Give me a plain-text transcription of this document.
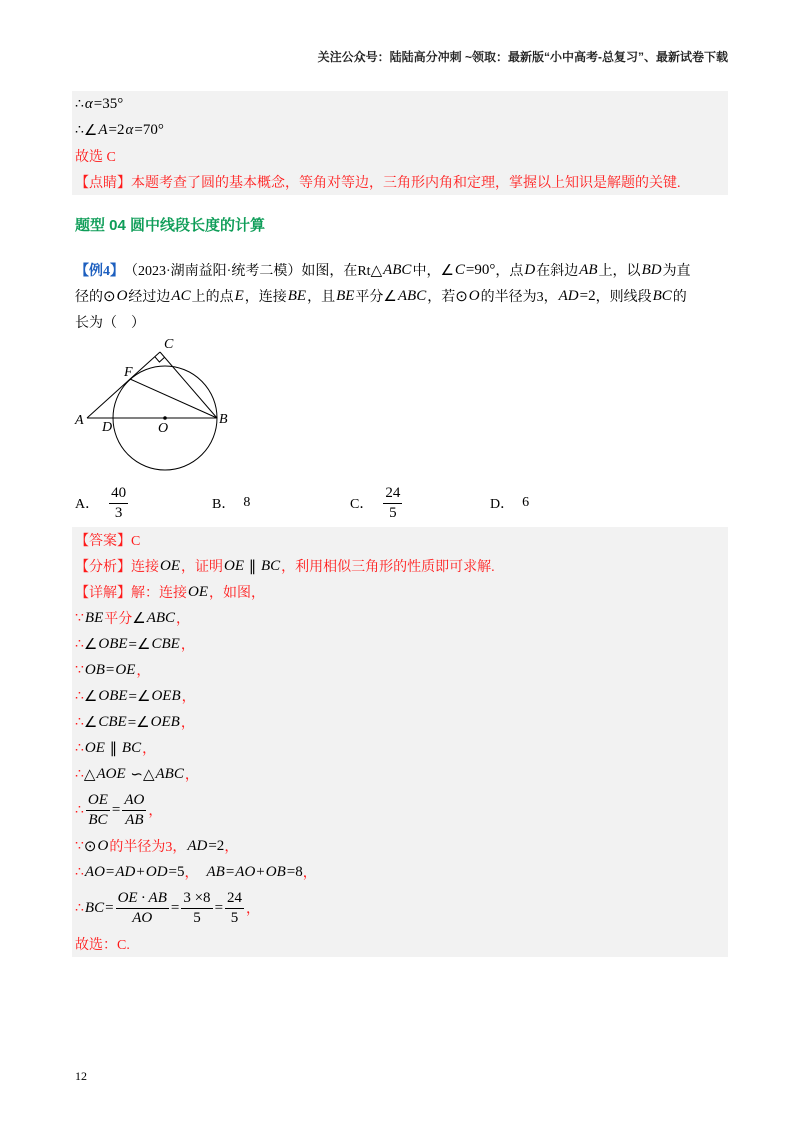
关注公众号：陆陆高分冲刺 ~领取：最新版“小中高考-总复习”、最新试卷下载
∴ α =35°
∴ ∠ A =2 α =70°
故选 C
【点睛】本题考查了圆的基本概念，等角对等边，三角形内角和定理，掌握以上知识是解题的关键.
题型 04 圆中线段长度的计算
【例4】 （2023·湖南益阳·统考二模）如图，在Rt △ ABC 中， ∠ C =90° ，点 D 在斜边 AB 上，以 BD 为直
径的 ⊙ O 经过边 AC 上的点 E ，连接 BE ，且 BE 平分 ∠ ABC ，若 ⊙ O 的半径为3， AD =2 ，则线段 BC 的
长为（　）
A D	O
B
C
F
A． $\frac{40}{3}$	B． 8	C． $\frac{24}{5}$	D． 6
【答案】C
【分析】连接 OE ，证明 OE ∥ BC ，利用相似三角形的性质即可求解.
【详解】解：连接 OE ，如图，
∵ BE 平分 ∠ ABC ，
∴ ∠ OBE =∠ CBE ，
∵ OB = OE ，
∴ ∠ OBE =∠ OEB ，
∴ ∠ CBE =∠ OEB ，
∴ OE ∥ BC ，
∴ △ AOE ∽△ ABC ，
∴ $\frac{OE}{BC} = \frac{AO}{AB}$ ，
∵ ⊙ O 的半径为3， AD =2 ，
∴ AO = AD + OD =5 ， AB = AO + OB =8 ，
∴ BC = $\frac{OE \cdot AB}{AO} = \frac{3 \times 8}{5} = \frac{24}{5}$ ，
故选：C.
12
